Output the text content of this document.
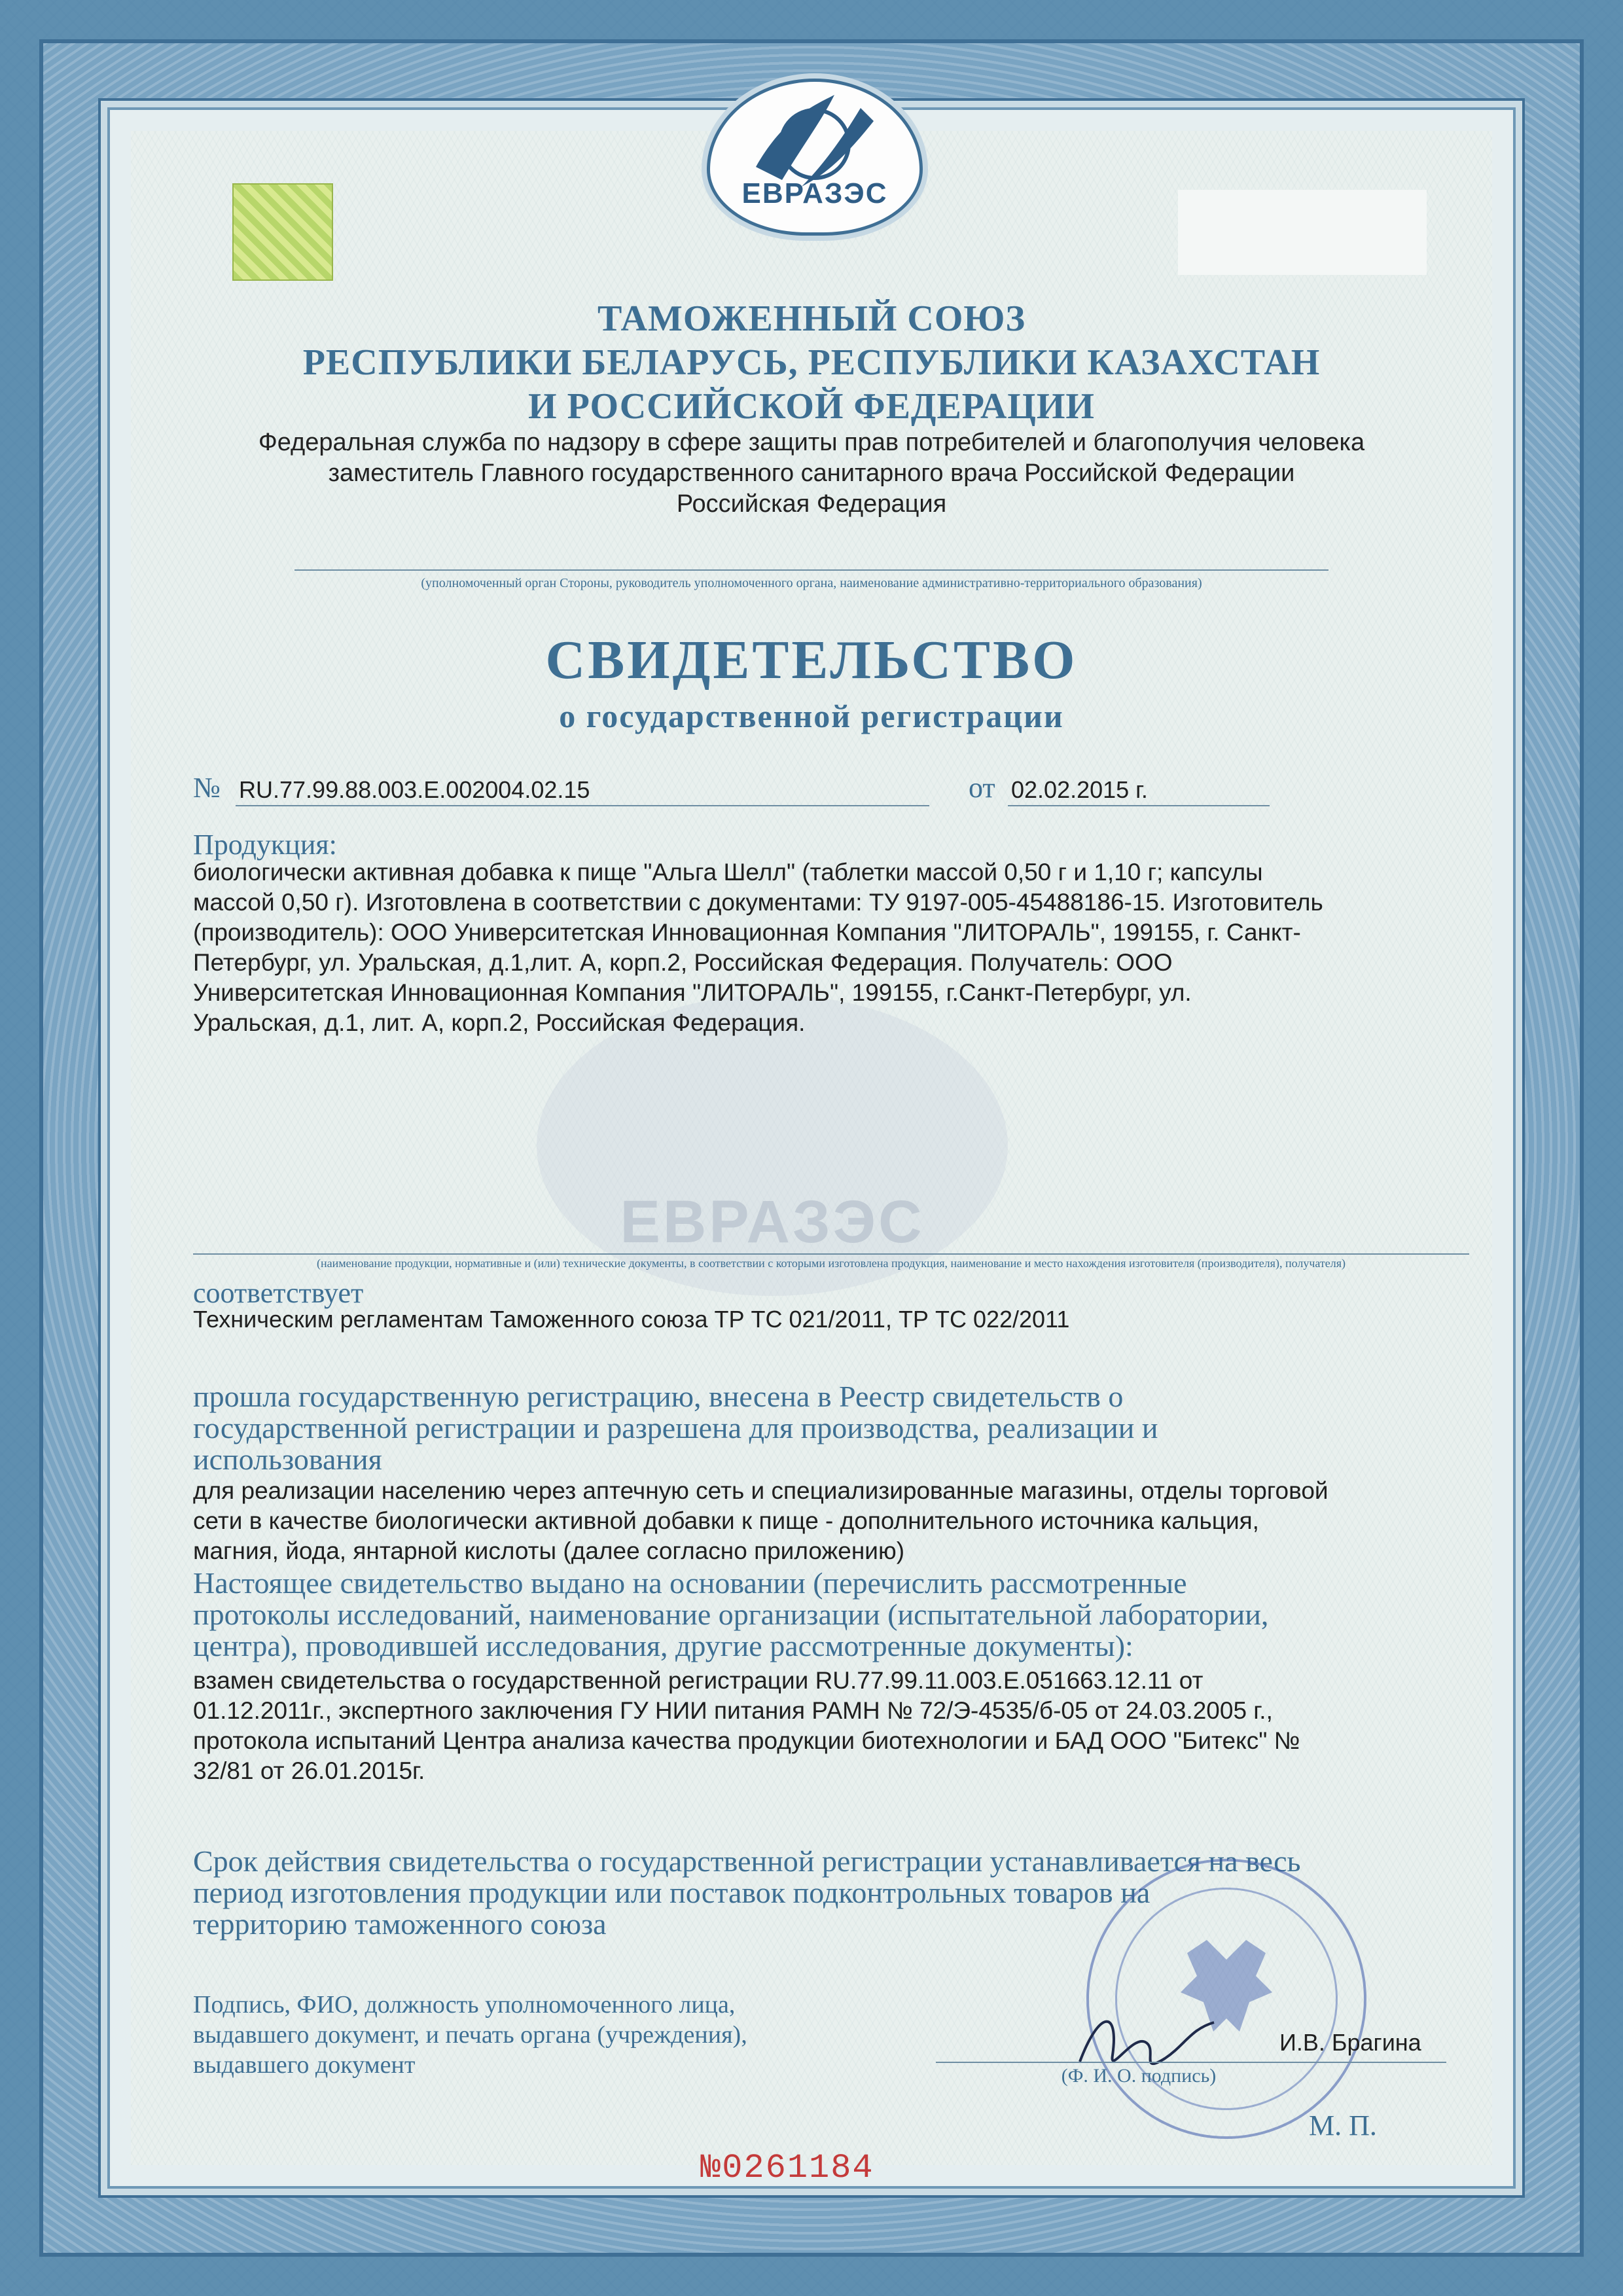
ЕВРАЗЭС
ТАМОЖЕННЫЙ СОЮЗ
РЕСПУБЛИКИ БЕЛАРУСЬ, РЕСПУБЛИКИ КАЗАХСТАН
И РОССИЙСКОЙ ФЕДЕРАЦИИ
Федеральная служба по надзору в сфере защиты прав потребителей и благополучия человека
заместитель Главного государственного санитарного врача Российской Федерации
Российская Федерация
(уполномоченный орган Стороны, руководитель уполномоченного органа, наименование административно-территориального образования)
СВИДЕТЕЛЬСТВО
о государственной регистрации
№ RU.77.99.88.003.E.002004.02.15	от 02.02.2015 г.
ЕВРАЗЭС
Продукция:
биологически активная добавка к пище "Альга Шелл" (таблетки массой 0,50 г и 1,10 г; капсулы
массой 0,50 г). Изготовлена в соответствии с документами: ТУ 9197-005-45488186-15. Изготовитель
(производитель): ООО Университетская Инновационная Компания "ЛИТОРАЛЬ", 199155, г. Санкт-
Петербург, ул. Уральская, д.1,лит. А, корп.2, Российская Федерация. Получатель: ООО
Университетская Инновационная Компания "ЛИТОРАЛЬ", 199155, г.Санкт-Петербург, ул.
Уральская, д.1, лит. А, корп.2, Российская Федерация.
(наименование продукции, нормативные и (или) технические документы, в соответствии с которыми изготовлена продукция, наименование и место нахождения изготовителя (производителя), получателя)
соответствует
Техническим регламентам Таможенного союза ТР ТС 021/2011, ТР ТС 022/2011
прошла государственную регистрацию, внесена в Реестр свидетельств о
государственной регистрации и разрешена для производства, реализации и
использования
для реализации населению через аптечную сеть и специализированные магазины, отделы торговой
сети в качестве биологически активной добавки к пище - дополнительного источника кальция,
магния, йода, янтарной кислоты (далее согласно приложению)
Настоящее свидетельство выдано на основании (перечислить рассмотренные
протоколы исследований, наименование организации (испытательной лаборатории,
центра), проводившей исследования, другие рассмотренные документы):
взамен свидетельства о государственной регистрации RU.77.99.11.003.Е.051663.12.11 от
01.12.2011г., экспертного заключения ГУ НИИ питания РАМН № 72/Э-4535/б-05 от 24.03.2005 г.,
протокола испытаний Центра анализа качества продукции биотехнологии и БАД ООО "Битекс" №
32/81 от 26.01.2015г.
Срок действия свидетельства о государственной регистрации устанавливается на весь
период изготовления продукции или поставок подконтрольных товаров на
территорию таможенного союза
Подпись, ФИО, должность уполномоченного лица,
выдавшего документ, и печать органа (учреждения),
выдавшего документ
И.В. Брагина
(Ф. И. О. подпись)
М. П.
№0261184
